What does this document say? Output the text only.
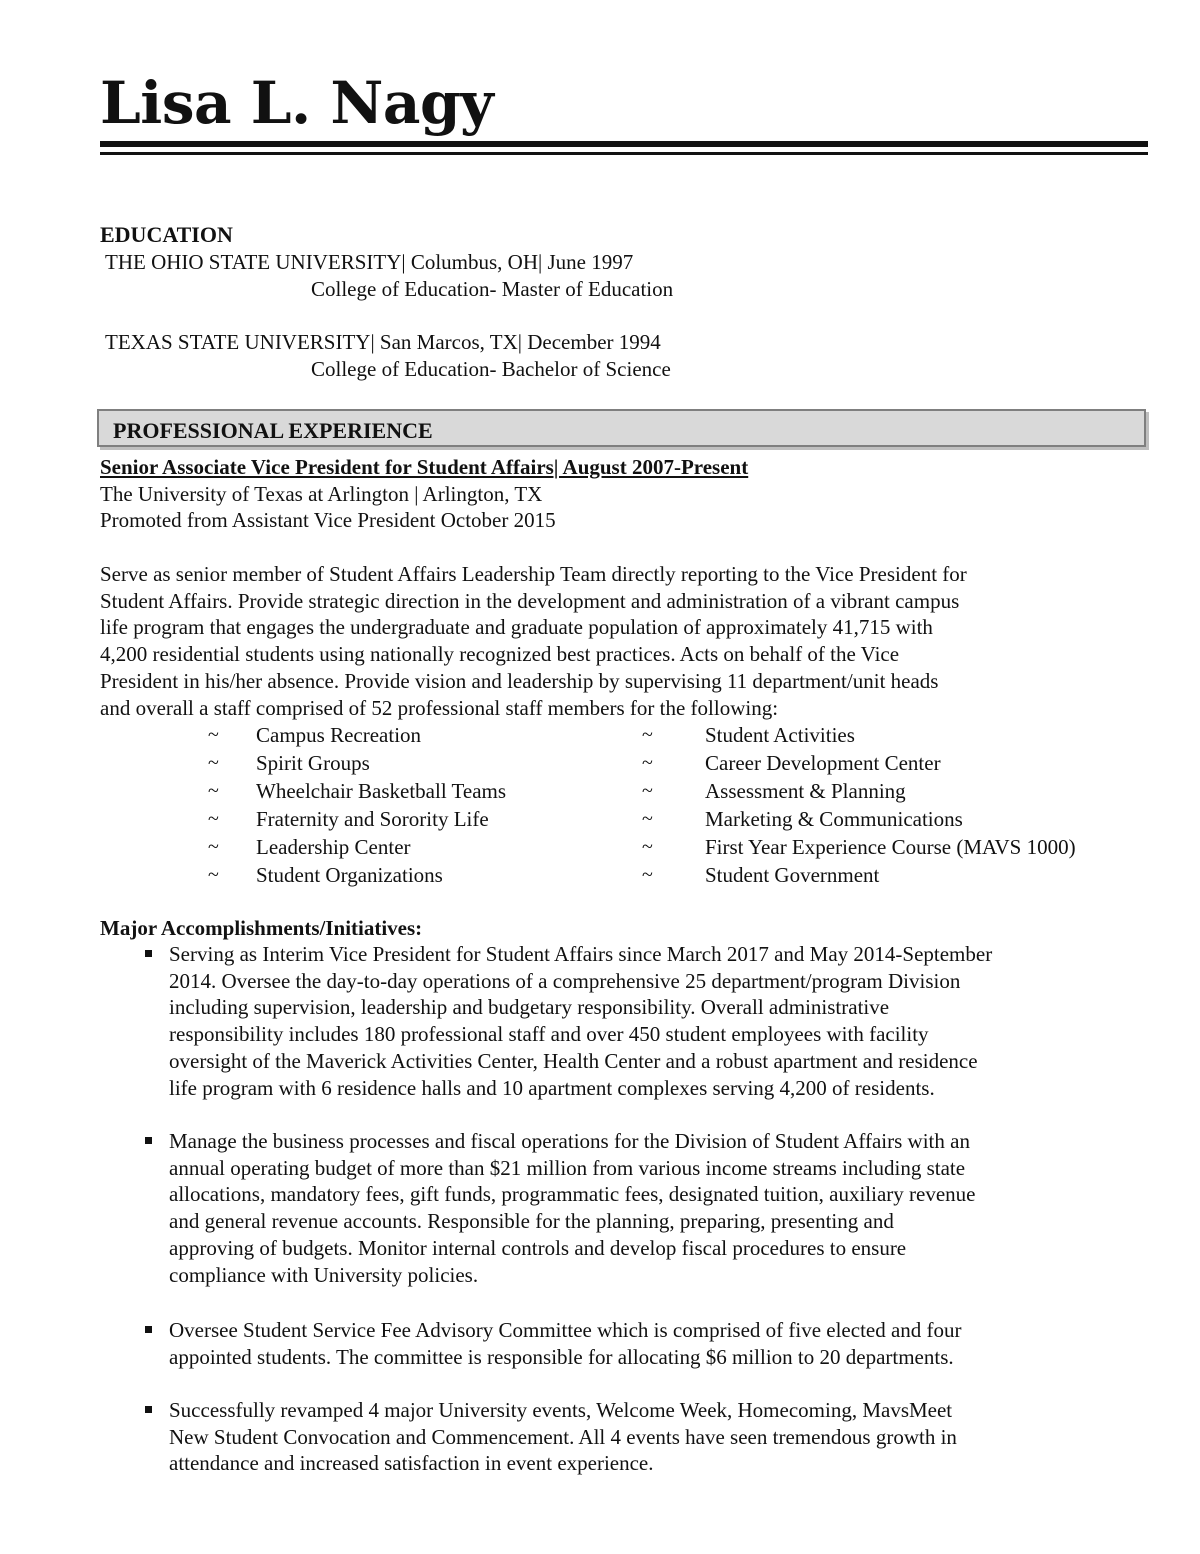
Lisa L. Nagy
EDUCATION
THE OHIO STATE UNIVERSITY| Columbus, OH| June 1997
College of Education- Master of Education
TEXAS STATE UNIVERSITY| San Marcos, TX| December 1994
College of Education- Bachelor of Science
PROFESSIONAL EXPERIENCE
Senior Associate Vice President for Student Affairs| August 2007-Present
The University of Texas at Arlington | Arlington, TX
Promoted from Assistant Vice President October 2015
Serve as senior member of Student Affairs Leadership Team directly reporting to the Vice President for
Student Affairs. Provide strategic direction in the development and administration of a vibrant campus
life program that engages the undergraduate and graduate population of approximately 41,715 with
4,200 residential students using nationally recognized best practices. Acts on behalf of the Vice
President in his/her absence. Provide vision and leadership by supervising 11 department/unit heads
and overall a staff comprised of 52 professional staff members for the following:
~ Campus Recreation
~ Spirit Groups
~ Wheelchair Basketball Teams
~ Fraternity and Sorority Life
~ Leadership Center
~ Student Organizations
~ Student Activities
~ Career Development Center
~ Assessment & Planning
~ Marketing & Communications
~ First Year Experience Course (MAVS 1000)
~ Student Government
Major Accomplishments/Initiatives:
Serving as Interim Vice President for Student Affairs since March 2017 and May 2014-September
2014. Oversee the day-to-day operations of a comprehensive 25 department/program Division
including supervision, leadership and budgetary responsibility. Overall administrative
responsibility includes 180 professional staff and over 450 student employees with facility
oversight of the Maverick Activities Center, Health Center and a robust apartment and residence
life program with 6 residence halls and 10 apartment complexes serving 4,200 of residents.
Manage the business processes and fiscal operations for the Division of Student Affairs with an
annual operating budget of more than $21 million from various income streams including state
allocations, mandatory fees, gift funds, programmatic fees, designated tuition, auxiliary revenue
and general revenue accounts. Responsible for the planning, preparing, presenting and
approving of budgets. Monitor internal controls and develop fiscal procedures to ensure
compliance with University policies.
Oversee Student Service Fee Advisory Committee which is comprised of five elected and four
appointed students. The committee is responsible for allocating $6 million to 20 departments.
Successfully revamped 4 major University events, Welcome Week, Homecoming, MavsMeet
New Student Convocation and Commencement. All 4 events have seen tremendous growth in
attendance and increased satisfaction in event experience.
